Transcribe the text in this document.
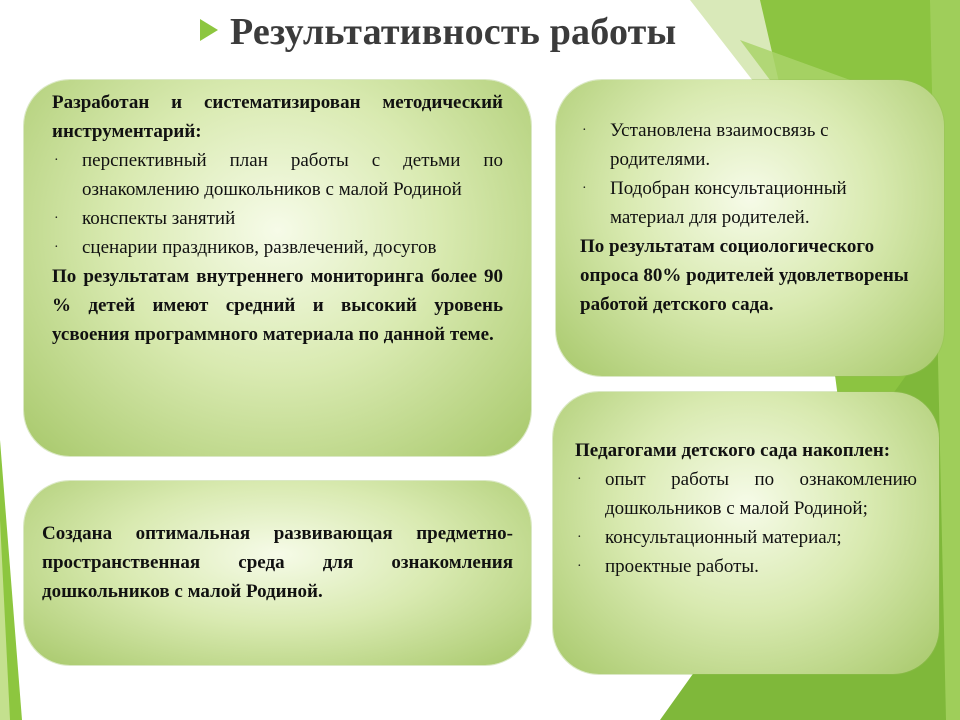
Результативность работы

Разработан и систематизирован методический инструментарий:

· перспективный план работы с детьми по ознакомлению дошкольников с малой Родиной
· конспекты занятий
· сценарии праздников, развлечений, досугов

По результатам внутреннего мониторинга более 90 % детей имеют средний и высокий уровень усвоения программного материала по данной теме.

· Установлена взаимосвязь с родителями.
· Подобран консультационный материал для родителей.

По результатам социологического опроса 80% родителей удовлетворены работой детского сада.

Создана оптимальная развивающая предметно-пространственная среда для ознакомления дошкольников с малой Родиной.

Педагогами детского сада накоплен:

· опыт работы по ознакомлению дошкольников с малой Родиной;
· консультационный материал;
· проектные работы.
